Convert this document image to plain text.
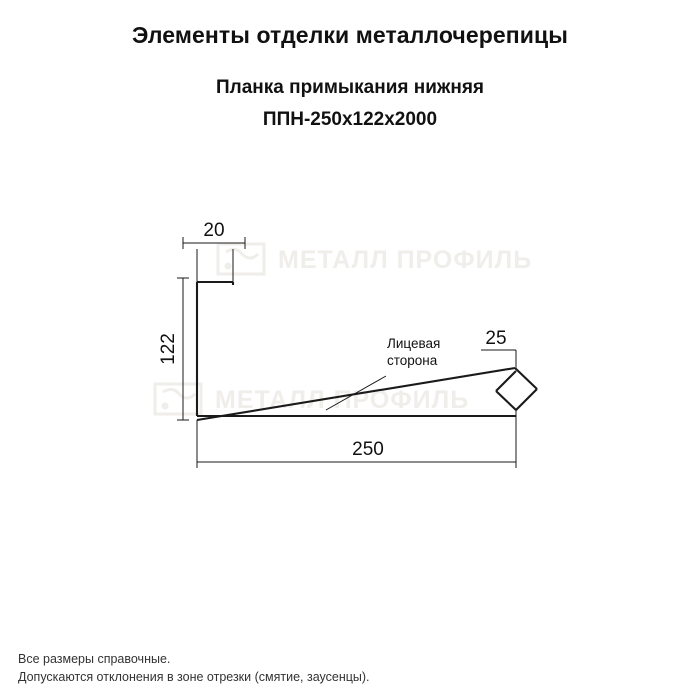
Элементы отделки металлочерепицы
Планка примыкания нижняя
ППН-250х122х2000
МЕТАЛЛ ПРОФИЛЬ
МЕТАЛЛ ПРОФИЛЬ
20
122	25
250
Лицевая
сторона
Все размеры справочные.
Допускаются отклонения в зоне отрезки (смятие, заусенцы).
